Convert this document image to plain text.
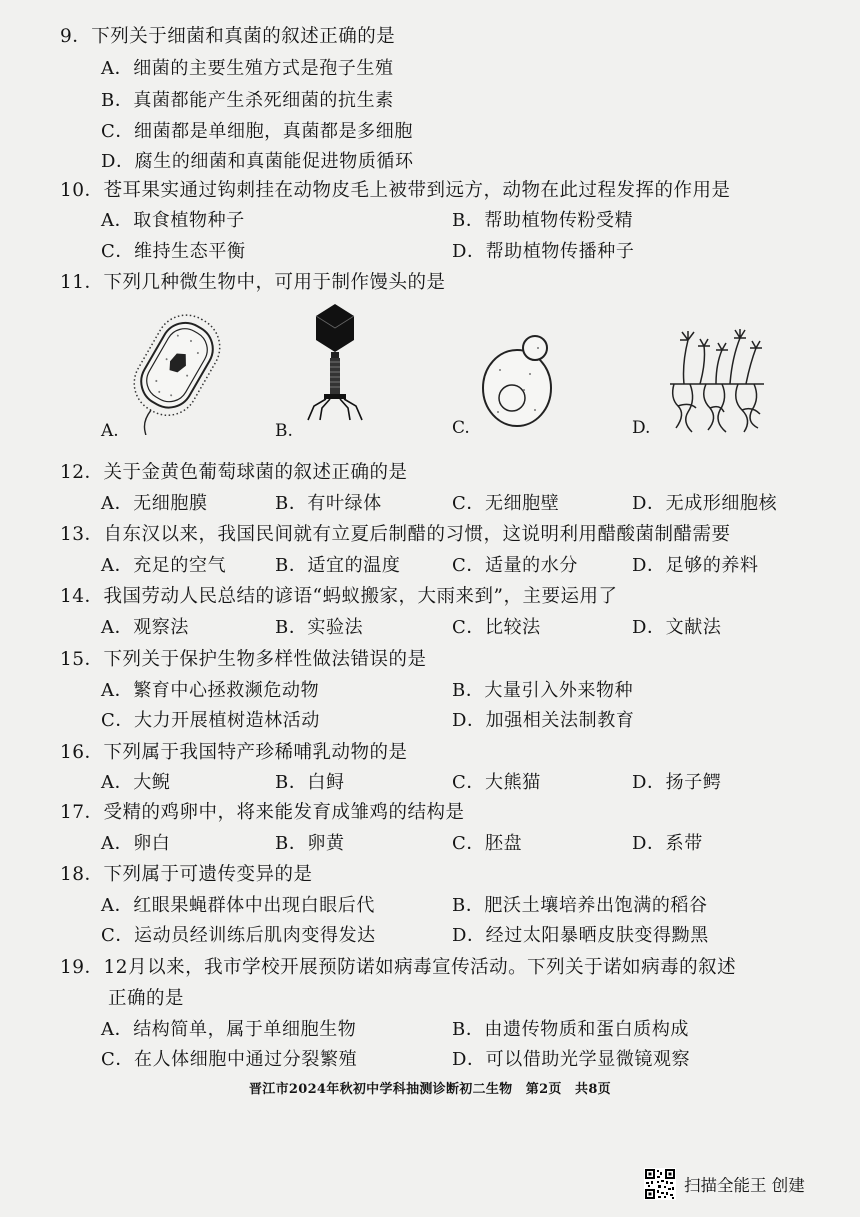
9．下列关于细菌和真菌的叙述正确的是
A．细菌的主要生殖方式是孢子生殖
B．真菌都能产生杀死细菌的抗生素
C．细菌都是单细胞，真菌都是多细胞
D．腐生的细菌和真菌能促进物质循环
10．苍耳果实通过钩刺挂在动物皮毛上被带到远方，动物在此过程发挥的作用是
A．取食植物种子	B．帮助植物传粉受精
C．维持生态平衡	D．帮助植物传播种子
11．下列几种微生物中，可用于制作馒头的是
A.	B.	C.	D.
12．关于金黄色葡萄球菌的叙述正确的是
A．无细胞膜	B．有叶绿体	C．无细胞壁	D．无成形细胞核
13．自东汉以来，我国民间就有立夏后制醋的习惯，这说明利用醋酸菌制醋需要
A．充足的空气	B．适宜的温度	C．适量的水分	D．足够的养料
14．我国劳动人民总结的谚语“蚂蚁搬家，大雨来到”，主要运用了
A．观察法	B．实验法	C．比较法	D．文献法
15．下列关于保护生物多样性做法错误的是
A．繁育中心拯救濒危动物	B．大量引入外来物种
C．大力开展植树造林活动	D．加强相关法制教育
16．下列属于我国特产珍稀哺乳动物的是
A．大鲵	B．白鲟	C．大熊猫	D．扬子鳄
17．受精的鸡卵中，将来能发育成雏鸡的结构是
A．卵白	B．卵黄	C．胚盘	D．系带
18．下列属于可遗传变异的是
A．红眼果蝇群体中出现白眼后代	B．肥沃土壤培养出饱满的稻谷
C．运动员经训练后肌肉变得发达	D．经过太阳暴晒皮肤变得黝黑
19．12月以来，我市学校开展预防诺如病毒宣传活动。下列关于诺如病毒的叙述
正确的是
A．结构简单，属于单细胞生物	B．由遗传物质和蛋白质构成
C．在人体细胞中通过分裂繁殖	D．可以借助光学显微镜观察
晋江市2024年秋初中学科抽测诊断初二生物　第2页　共8页
扫描全能王 创建
